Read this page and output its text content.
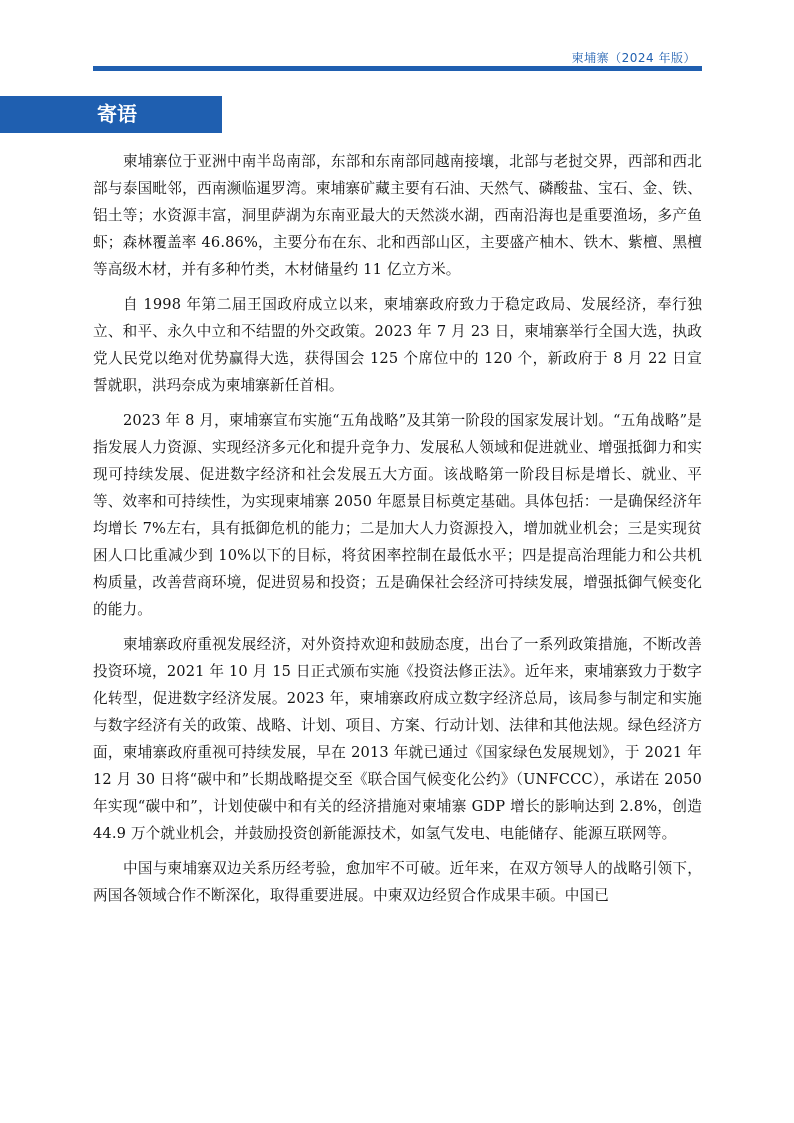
柬埔寨（2024 年版）
寄语

柬埔寨位于亚洲中南半岛南部，东部和东南部同越南接壤，北部与老挝交界，西部和西北部与泰国毗邻，西南濒临暹罗湾。柬埔寨矿藏主要有石油、天然气、磷酸盐、宝石、金、铁、铝土等；水资源丰富，洞里萨湖为东南亚最大的天然淡水湖，西南沿海也是重要渔场，多产鱼虾；森林覆盖率 46.86%，主要分布在东、北和西部山区，主要盛产柚木、铁木、紫檀、黑檀等高级木材，并有多种竹类，木材储量约 11 亿立方米。

自 1998 年第二届王国政府成立以来，柬埔寨政府致力于稳定政局、发展经济，奉行独立、和平、永久中立和不结盟的外交政策。2023 年 7 月 23 日，柬埔寨举行全国大选，执政党人民党以绝对优势赢得大选，获得国会 125 个席位中的 120 个，新政府于 8 月 22 日宣誓就职，洪玛奈成为柬埔寨新任首相。

2023 年 8 月，柬埔寨宣布实施“五角战略”及其第一阶段的国家发展计划。“五角战略”是指发展人力资源、实现经济多元化和提升竞争力、发展私人领域和促进就业、增强抵御力和实现可持续发展、促进数字经济和社会发展五大方面。该战略第一阶段目标是增长、就业、平等、效率和可持续性，为实现柬埔寨 2050 年愿景目标奠定基础。具体包括：一是确保经济年均增长 7%左右，具有抵御危机的能力；二是加大人力资源投入，增加就业机会；三是实现贫困人口比重减少到 10%以下的目标，将贫困率控制在最低水平；四是提高治理能力和公共机构质量，改善营商环境，促进贸易和投资；五是确保社会经济可持续发展，增强抵御气候变化的能力。

柬埔寨政府重视发展经济，对外资持欢迎和鼓励态度，出台了一系列政策措施，不断改善投资环境，2021 年 10 月 15 日正式颁布实施《投资法修正法》。近年来，柬埔寨致力于数字化转型，促进数字经济发展。2023 年，柬埔寨政府成立数字经济总局，该局参与制定和实施与数字经济有关的政策、战略、计划、项目、方案、行动计划、法律和其他法规。绿色经济方面，柬埔寨政府重视可持续发展，早在 2013 年就已通过《国家绿色发展规划》，于 2021 年 12 月 30 日将“碳中和”长期战略提交至《联合国气候变化公约》（UNFCCC），承诺在 2050 年实现“碳中和”，计划使碳中和有关的经济措施对柬埔寨 GDP 增长的影响达到 2.8%，创造 44.9 万个就业机会，并鼓励投资创新能源技术，如氢气发电、电能储存、能源互联网等。

中国与柬埔寨双边关系历经考验，愈加牢不可破。近年来，在双方领导人的战略引领下，两国各领域合作不断深化，取得重要进展。中柬双边经贸合作成果丰硕。中国已
